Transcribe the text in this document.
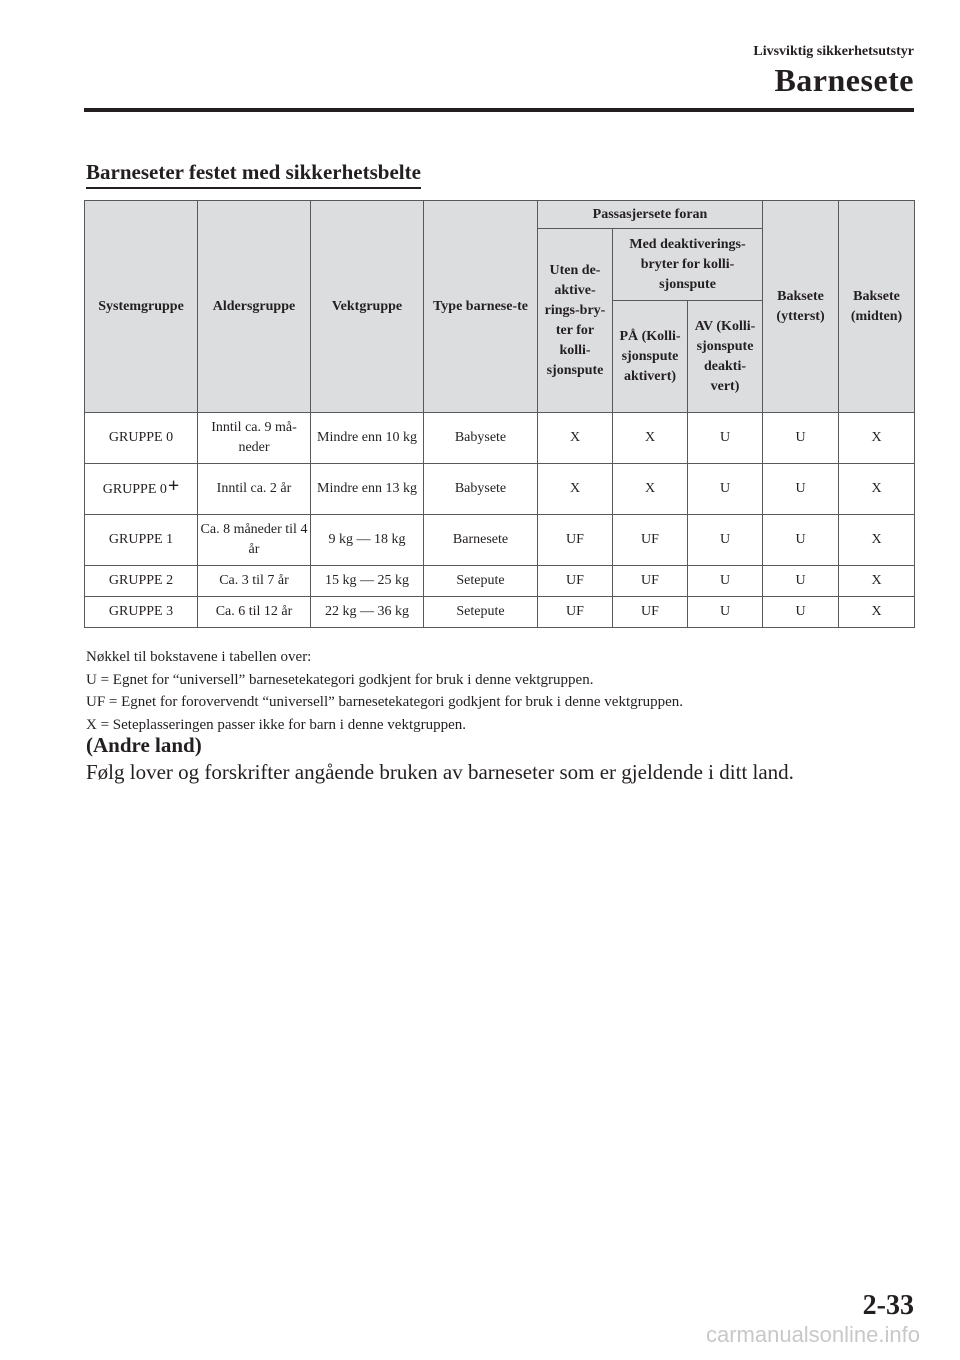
Livsviktig sikkerhetsutstyr
Barnesete
Barneseter festet med sikkerhetsbelte
Systemgruppe	Aldersgruppe	Vektgruppe	Type barnese-te	Passasjersete foran			Baksete (ytterst)	Baksete (midten)
				Uten de-aktive-rings-bry-ter for kolli-sjonspute	Med deaktiverings-bryter for kolli-sjonspute			
					PÅ (Kolli-sjonspute aktivert)	AV (Kolli-sjonspute deakti-vert)		
GRUPPE 0	Inntil ca. 9 må-neder	Mindre enn 10 kg	Babysete	X	X	U	U	X
GRUPPE 0+	Inntil ca. 2 år	Mindre enn 13 kg	Babysete	X	X	U	U	X
GRUPPE 1	Ca. 8 måneder til 4 år	9 kg — 18 kg	Barnesete	UF	UF	U	U	X
GRUPPE 2	Ca. 3 til 7 år	15 kg — 25 kg	Setepute	UF	UF	U	U	X
GRUPPE 3	Ca. 6 til 12 år	22 kg — 36 kg	Setepute	UF	UF	U	U	X

Nøkkel til bokstavene i tabellen over:

U = Egnet for “universell” barnesetekategori godkjent for bruk i denne vektgruppen.

UF = Egnet for forovervendt “universell” barnesetekategori godkjent for bruk i denne vektgruppen.

X = Seteplasseringen passer ikke for barn i denne vektgruppen.

(Andre land)
Følg lover og forskrifter angående bruken av barneseter som er gjeldende i ditt land.
2-33
carmanualsonline.info
